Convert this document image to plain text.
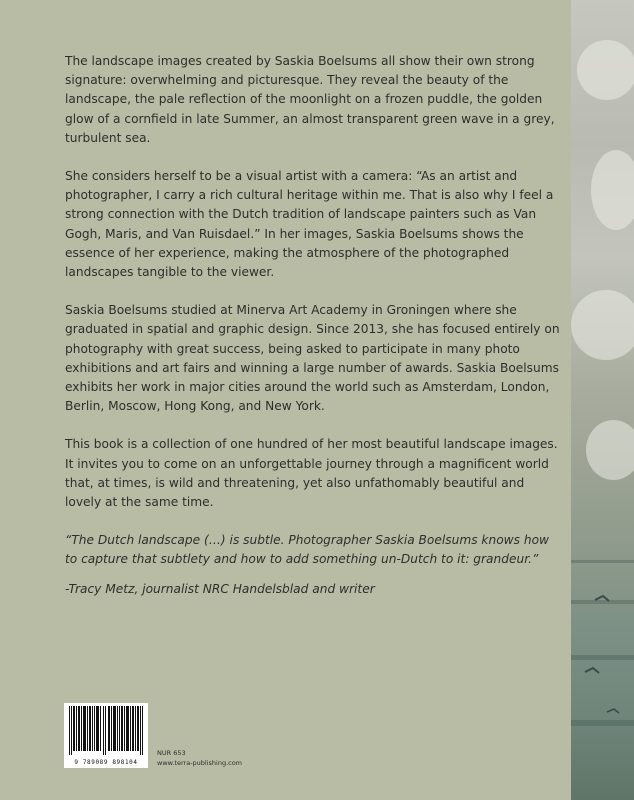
The landscape images created by Saskia Boelsums all show their own strong signature: overwhelming and picturesque. They reveal the beauty of the landscape, the pale reflection of the moonlight on a frozen puddle, the golden glow of a cornfield in late Summer, an almost transparent green wave in a grey, turbulent sea.

She considers herself to be a visual artist with a camera: “As an artist and photographer, I carry a rich cultural heritage within me. That is also why I feel a strong connection with the Dutch tradition of landscape painters such as Van Gogh, Maris, and Van Ruisdael.” In her images, Saskia Boelsums shows the essence of her experience, making the atmosphere of the photographed landscapes tangible to the viewer.

Saskia Boelsums studied at Minerva Art Academy in Groningen where she graduated in spatial and graphic design. Since 2013, she has focused entirely on photography with great success, being asked to participate in many photo exhibitions and art fairs and winning a large number of awards. Saskia Boelsums exhibits her work in major cities around the world such as Amsterdam, London, Berlin, Moscow, Hong Kong, and New York.

This book is a collection of one hundred of her most beautiful landscape images. It invites you to come on an unforgettable journey through a magnificent world that, at times, is wild and threatening, yet also unfathomably beautiful and lovely at the same time.

“The Dutch landscape (…) is subtle. Photographer Saskia Boelsums knows how to capture that subtlety and how to add something un-Dutch to it: grandeur.”

-Tracy Metz, journalist NRC Handelsblad and writer
9 789089 898104
NUR 653
www.terra-publishing.com
